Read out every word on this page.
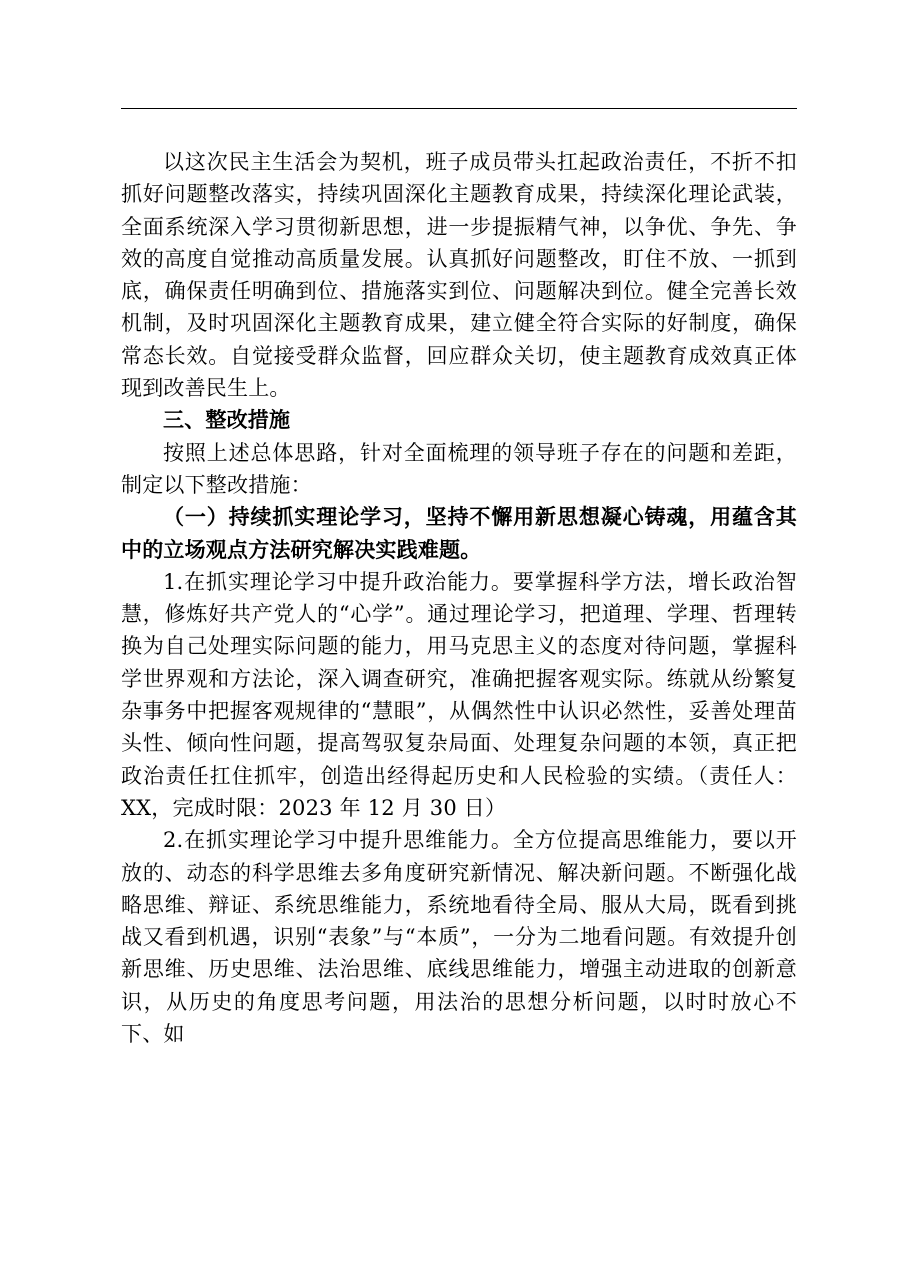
以这次民主生活会为契机，班子成员带头扛起政治责任，不折不扣抓好问题整改落实，持续巩固深化主题教育成果，持续深化理论武装，全面系统深入学习贯彻新思想，进一步提振精气神，以争优、争先、争效的高度自觉推动高质量发展。认真抓好问题整改，盯住不放、一抓到底，确保责任明确到位、措施落实到位、问题解决到位。健全完善长效机制，及时巩固深化主题教育成果，建立健全符合实际的好制度，确保常态长效。自觉接受群众监督，回应群众关切，使主题教育成效真正体现到改善民生上。

三、整改措施

按照上述总体思路，针对全面梳理的领导班子存在的问题和差距，制定以下整改措施：

（一）持续抓实理论学习，坚持不懈用新思想凝心铸魂，用蕴含其中的立场观点方法研究解决实践难题。

1.在抓实理论学习中提升政治能力。要掌握科学方法，增长政治智慧，修炼好共产党人的“心学”。通过理论学习，把道理、学理、哲理转换为自己处理实际问题的能力，用马克思主义的态度对待问题，掌握科学世界观和方法论，深入调查研究，准确把握客观实际。练就从纷繁复杂事务中把握客观规律的“慧眼”，从偶然性中认识必然性，妥善处理苗头性、倾向性问题，提高驾驭复杂局面、处理复杂问题的本领，真正把政治责任扛住抓牢，创造出经得起历史和人民检验的实绩。（责任人：XX，完成时限：2023 年 12 月 30 日）

2.在抓实理论学习中提升思维能力。全方位提高思维能力，要以开放的、动态的科学思维去多角度研究新情况、解决新问题。不断强化战略思维、辩证、系统思维能力，系统地看待全局、服从大局，既看到挑战又看到机遇，识别“表象”与“本质”，一分为二地看问题。有效提升创新思维、历史思维、法治思维、底线思维能力，增强主动进取的创新意识，从历史的角度思考问题，用法治的思想分析问题，以时时放心不下、如
